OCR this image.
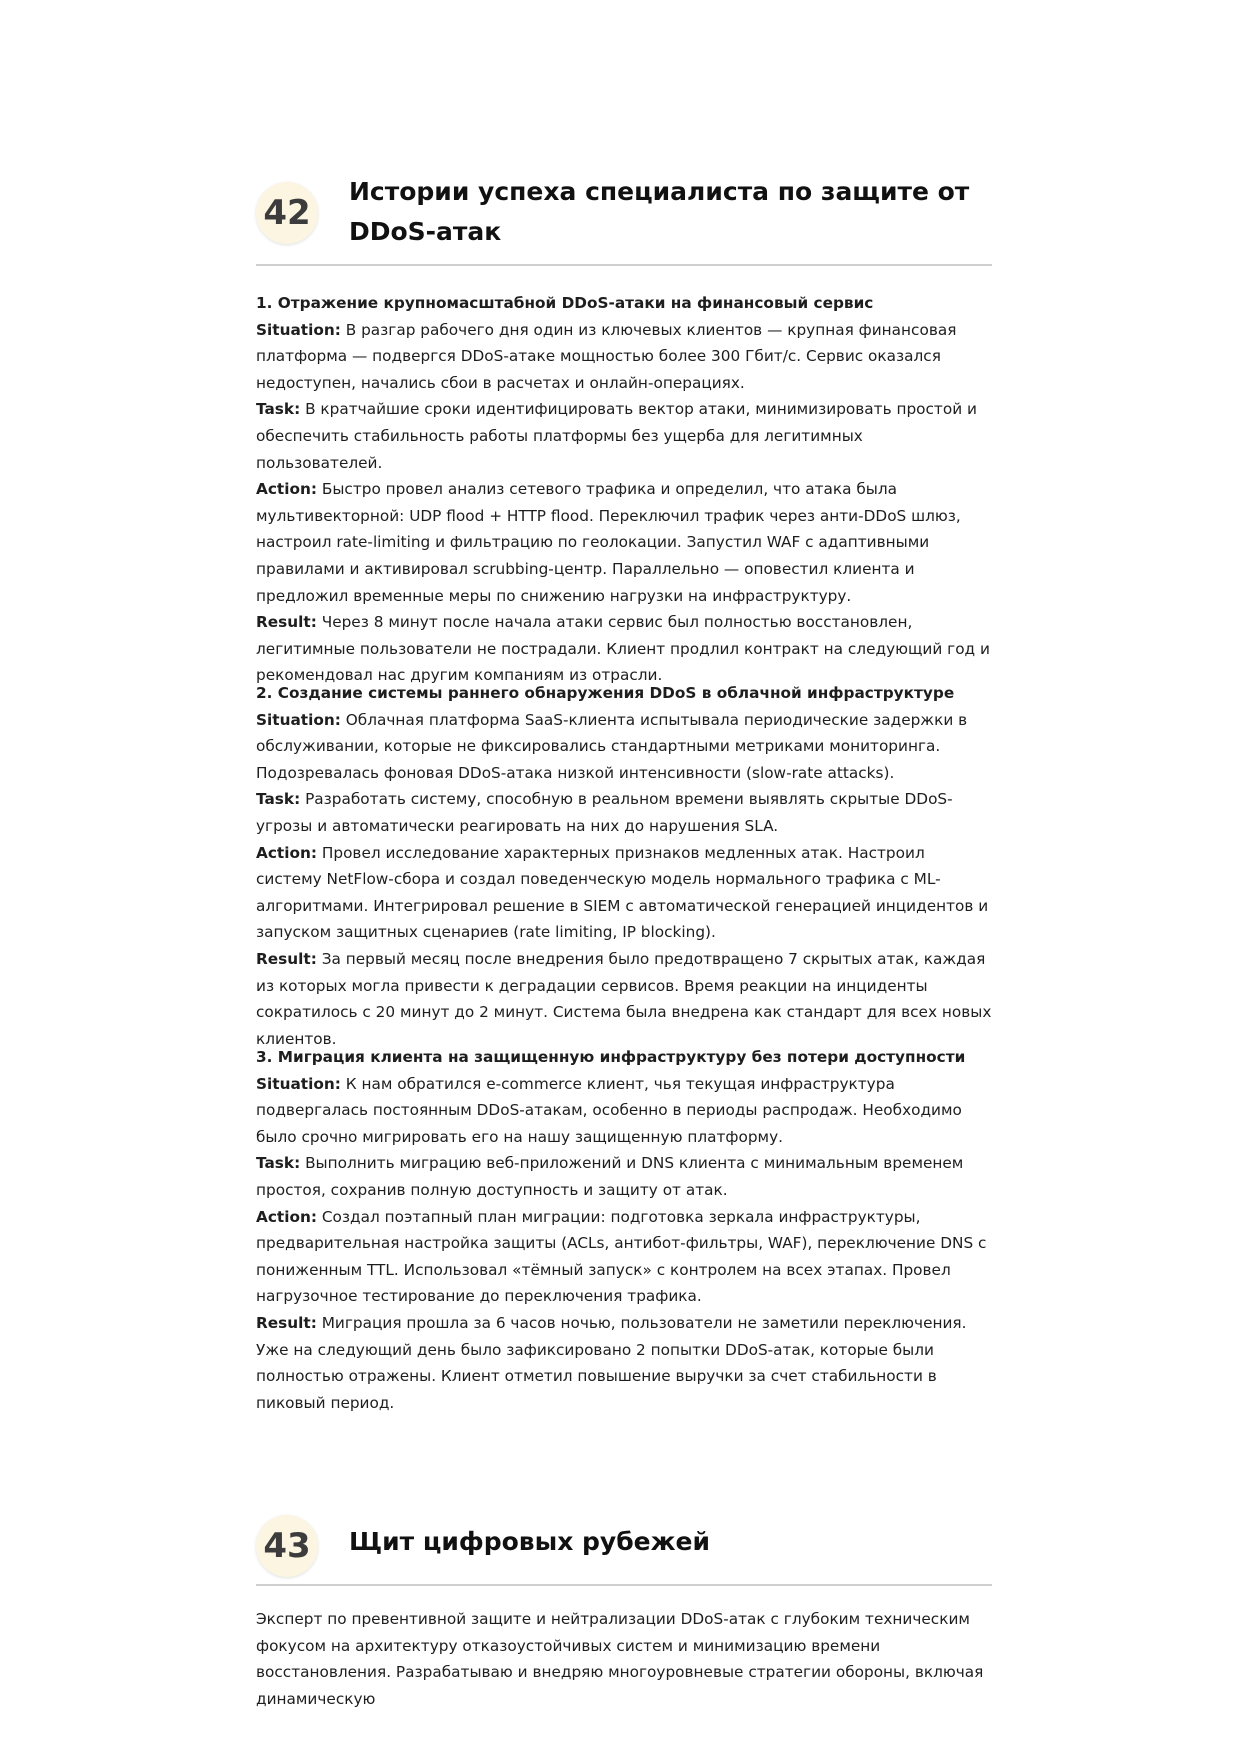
42
Истории успеха специалиста по защите от DDoS-атак

1. Отражение крупномасштабной DDoS-атаки на финансовый сервис

Situation: В разгар рабочего дня один из ключевых клиентов — крупная финансовая платформа — подвергся DDoS-атаке мощностью более 300 Гбит/с. Сервис оказался недоступен, начались сбои в расчетах и онлайн-операциях.

Task: В кратчайшие сроки идентифицировать вектор атаки, минимизировать простой и обеспечить стабильность работы платформы без ущерба для легитимных пользователей.

Action: Быстро провел анализ сетевого трафика и определил, что атака была мультивекторной: UDP flood + HTTP flood. Переключил трафик через анти-DDoS шлюз, настроил rate-limiting и фильтрацию по геолокации. Запустил WAF с адаптивными правилами и активировал scrubbing-центр. Параллельно — оповестил клиента и предложил временные меры по снижению нагрузки на инфраструктуру.

Result: Через 8 минут после начала атаки сервис был полностью восстановлен, легитимные пользователи не пострадали. Клиент продлил контракт на следующий год и рекомендовал нас другим компаниям из отрасли.

2. Создание системы раннего обнаружения DDoS в облачной инфраструктуре

Situation: Облачная платформа SaaS-клиента испытывала периодические задержки в обслуживании, которые не фиксировались стандартными метриками мониторинга. Подозревалась фоновая DDoS-атака низкой интенсивности (slow-rate attacks).

Task: Разработать систему, способную в реальном времени выявлять скрытые DDoS-угрозы и автоматически реагировать на них до нарушения SLA.

Action: Провел исследование характерных признаков медленных атак. Настроил систему NetFlow-сбора и создал поведенческую модель нормального трафика с ML-алгоритмами. Интегрировал решение в SIEM с автоматической генерацией инцидентов и запуском защитных сценариев (rate limiting, IP blocking).

Result: За первый месяц после внедрения было предотвращено 7 скрытых атак, каждая из которых могла привести к деградации сервисов. Время реакции на инциденты сократилось с 20 минут до 2 минут. Система была внедрена как стандарт для всех новых клиентов.

3. Миграция клиента на защищенную инфраструктуру без потери доступности

Situation: К нам обратился e-commerce клиент, чья текущая инфраструктура подвергалась постоянным DDoS-атакам, особенно в периоды распродаж. Необходимо было срочно мигрировать его на нашу защищенную платформу.

Task: Выполнить миграцию веб-приложений и DNS клиента с минимальным временем простоя, сохранив полную доступность и защиту от атак.

Action: Создал поэтапный план миграции: подготовка зеркала инфраструктуры, предварительная настройка защиты (ACLs, антибот-фильтры, WAF), переключение DNS с пониженным TTL. Использовал «тёмный запуск» с контролем на всех этапах. Провел нагрузочное тестирование до переключения трафика.

Result: Миграция прошла за 6 часов ночью, пользователи не заметили переключения. Уже на следующий день было зафиксировано 2 попытки DDoS-атак, которые были полностью отражены. Клиент отметил повышение выручки за счет стабильности в пиковый период.

43 Щит цифровых рубежей

Эксперт по превентивной защите и нейтрализации DDoS-атак с глубоким техническим фокусом на архитектуру отказоустойчивых систем и минимизацию времени восстановления. Разрабатываю и внедряю многоуровневые стратегии обороны, включая динамическую
